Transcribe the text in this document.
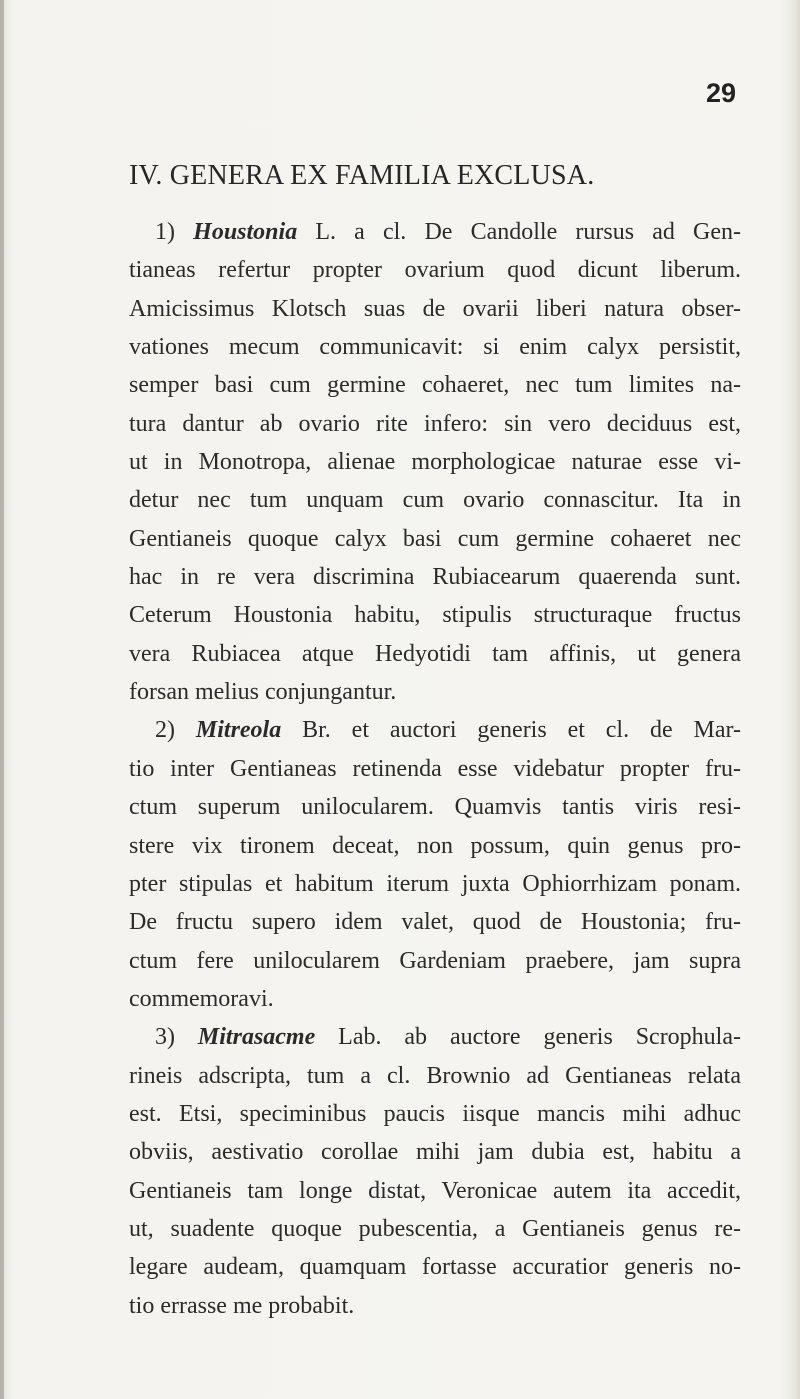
29
IV. GENERA EX FAMILIA EXCLUSA.
1) Houstonia L. a cl. De Candolle rursus ad Gen-
tianeas refertur propter ovarium quod dicunt liberum.
Amicissimus Klotsch suas de ovarii liberi natura obser-
vationes mecum communicavit: si enim calyx persistit,
semper basi cum germine cohaeret, nec tum limites na-
tura dantur ab ovario rite infero: sin vero deciduus est,
ut in Monotropa, alienae morphologicae naturae esse vi-
detur nec tum unquam cum ovario connascitur. Ita in
Gentianeis quoque calyx basi cum germine cohaeret nec
hac in re vera discrimina Rubiacearum quaerenda sunt.
Ceterum Houstonia habitu, stipulis structuraque fructus
vera Rubiacea atque Hedyotidi tam affinis, ut genera
forsan melius conjungantur.
2) Mitreola Br. et auctori generis et cl. de Mar-
tio inter Gentianeas retinenda esse videbatur propter fru-
ctum superum unilocularem. Quamvis tantis viris resi-
stere vix tironem deceat, non possum, quin genus pro-
pter stipulas et habitum iterum juxta Ophiorrhizam ponam.
De fructu supero idem valet, quod de Houstonia; fru-
ctum fere unilocularem Gardeniam praebere, jam supra
commemoravi.
3) Mitrasacme Lab. ab auctore generis Scrophula-
rineis adscripta, tum a cl. Brownio ad Gentianeas relata
est. Etsi, speciminibus paucis iisque mancis mihi adhuc
obviis, aestivatio corollae mihi jam dubia est, habitu a
Gentianeis tam longe distat, Veronicae autem ita accedit,
ut, suadente quoque pubescentia, a Gentianeis genus re-
legare audeam, quamquam fortasse accuratior generis no-
tio errasse me probabit.
